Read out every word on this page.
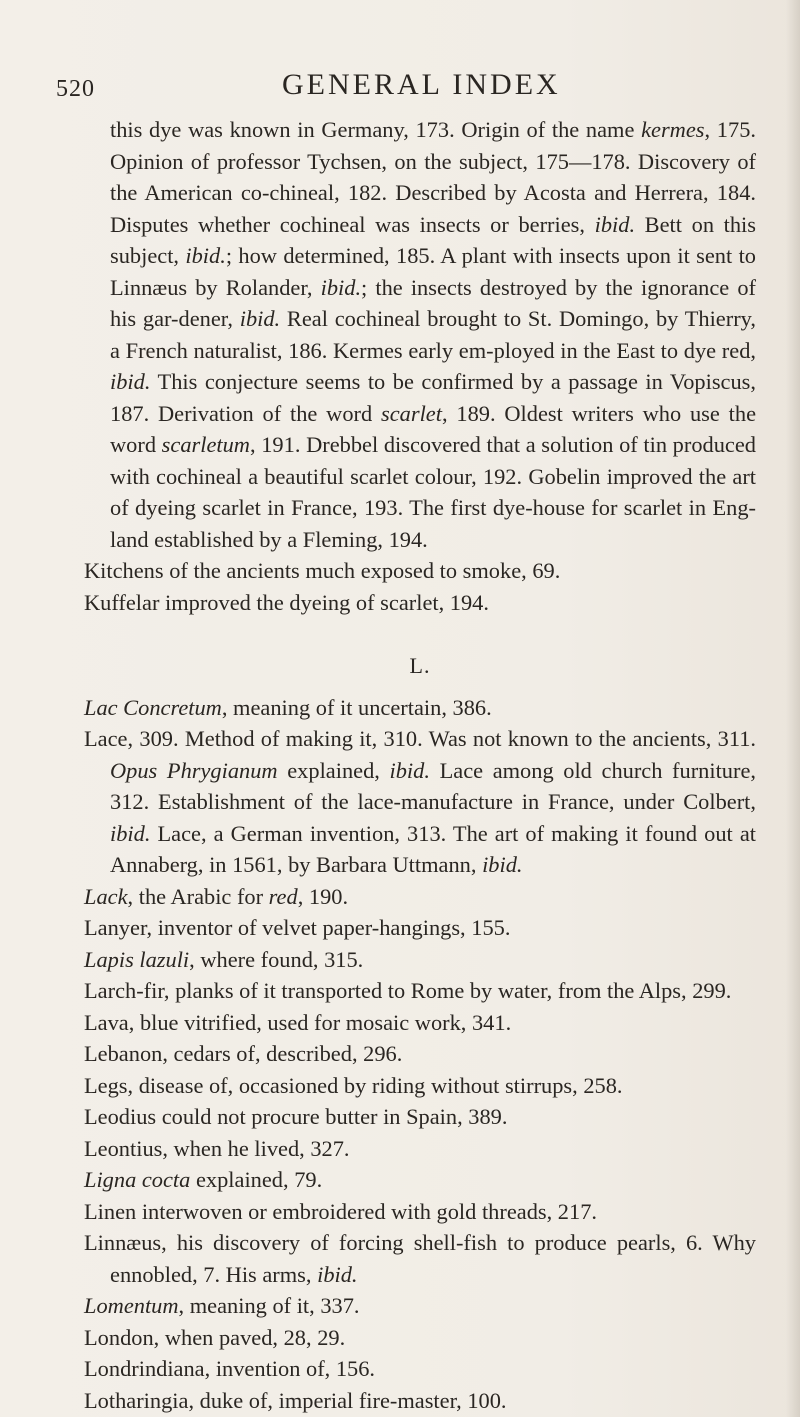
520	GENERAL INDEX

this dye was known in Germany, 173. Origin of the name kermes, 175. Opinion of professor Tychsen, on the subject, 175—178. Discovery of the American co-chineal, 182. Described by Acosta and Herrera, 184. Disputes whether cochineal was insects or berries, ibid. Bett on this subject, ibid.; how determined, 185. A plant with insects upon it sent to Linnæus by Rolander, ibid.; the insects destroyed by the ignorance of his gar-dener, ibid. Real cochineal brought to St. Domingo, by Thierry, a French naturalist, 186. Kermes early em-ployed in the East to dye red, ibid. This conjecture seems to be confirmed by a passage in Vopiscus, 187. Derivation of the word scarlet, 189. Oldest writers who use the word scarletum, 191. Drebbel discovered that a solution of tin produced with cochineal a beautiful scarlet colour, 192. Gobelin improved the art of dyeing scarlet in France, 193. The first dye-house for scarlet in Eng-land established by a Fleming, 194.

Kitchens of the ancients much exposed to smoke, 69.

Kuffelar improved the dyeing of scarlet, 194.

L.

Lac Concretum, meaning of it uncertain, 386.

Lace, 309. Method of making it, 310. Was not known to the ancients, 311. Opus Phrygianum explained, ibid. Lace among old church furniture, 312. Establishment of the lace-manufacture in France, under Colbert, ibid. Lace, a German invention, 313. The art of making it found out at Annaberg, in 1561, by Barbara Uttmann, ibid.

Lack, the Arabic for red, 190.

Lanyer, inventor of velvet paper-hangings, 155.

Lapis lazuli, where found, 315.

Larch-fir, planks of it transported to Rome by water, from the Alps, 299.

Lava, blue vitrified, used for mosaic work, 341.

Lebanon, cedars of, described, 296.

Legs, disease of, occasioned by riding without stirrups, 258.

Leodius could not procure butter in Spain, 389.

Leontius, when he lived, 327.

Ligna cocta explained, 79.

Linen interwoven or embroidered with gold threads, 217.

Linnæus, his discovery of forcing shell-fish to produce pearls, 6. Why ennobled, 7. His arms, ibid.

Lomentum, meaning of it, 337.

London, when paved, 28, 29.

Londrindiana, invention of, 156.

Lotharingia, duke of, imperial fire-master, 100.
